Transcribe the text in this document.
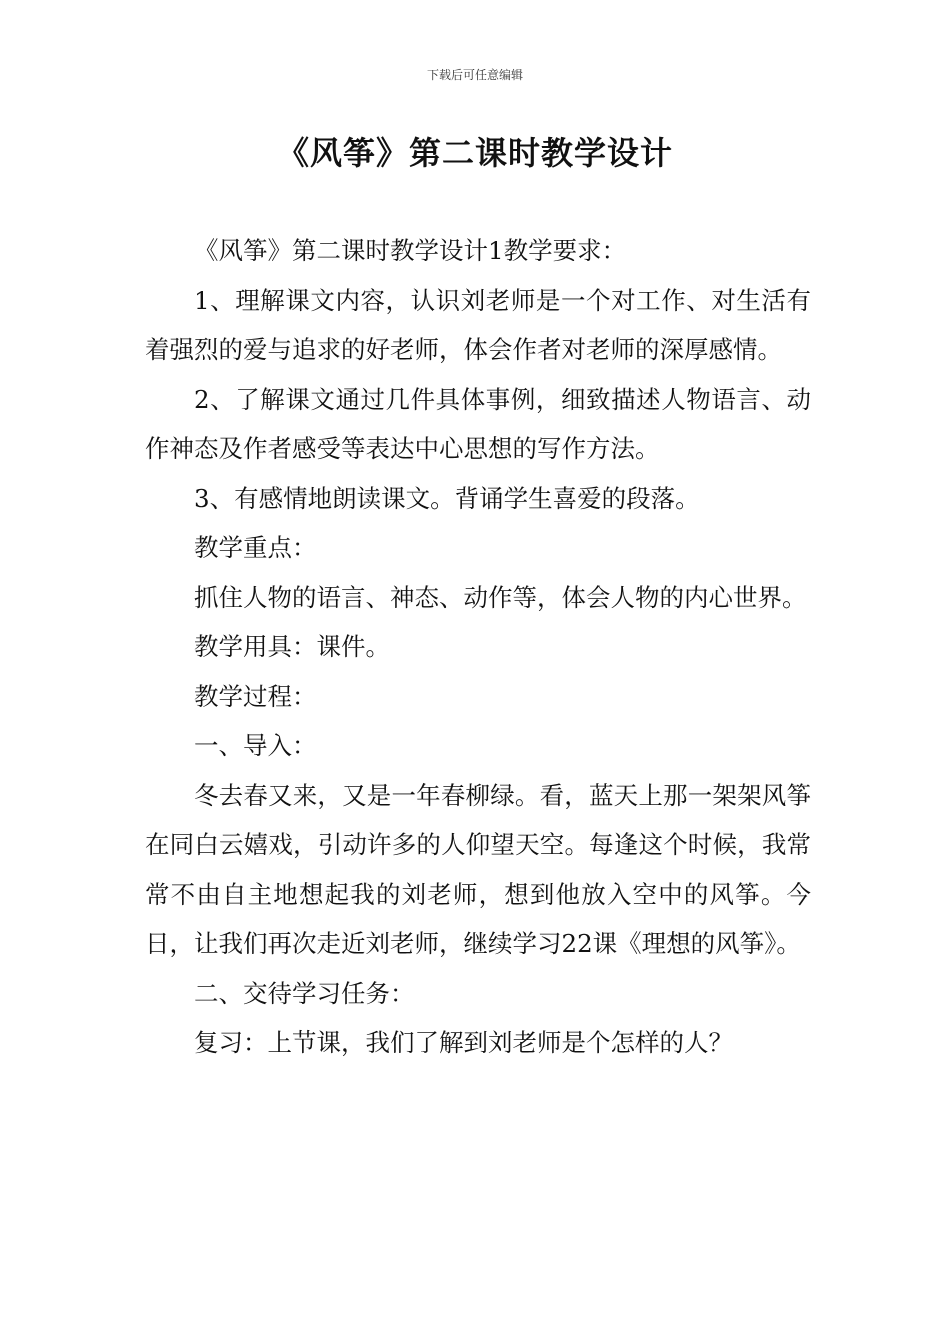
下载后可任意编辑
《风筝》第二课时教学设计

《风筝》第二课时教学设计1教学要求：

1、理解课文内容，认识刘老师是一个对工作、对生活有着强烈的爱与追求的好老师，体会作者对老师的深厚感情。

2、了解课文通过几件具体事例，细致描述人物语言、动作神态及作者感受等表达中心思想的写作方法。

3、有感情地朗读课文。背诵学生喜爱的段落。

教学重点：

抓住人物的语言、神态、动作等，体会人物的内心世界。

教学用具：课件。

教学过程：

一、导入：

冬去春又来，又是一年春柳绿。看，蓝天上那一架架风筝在同白云嬉戏，引动许多的人仰望天空。每逢这个时候，我常常不由自主地想起我的刘老师，想到他放入空中的风筝。今日，让我们再次走近刘老师，继续学习22课《理想的风筝》。

二、交待学习任务：

复习：上节课，我们了解到刘老师是个怎样的人？
